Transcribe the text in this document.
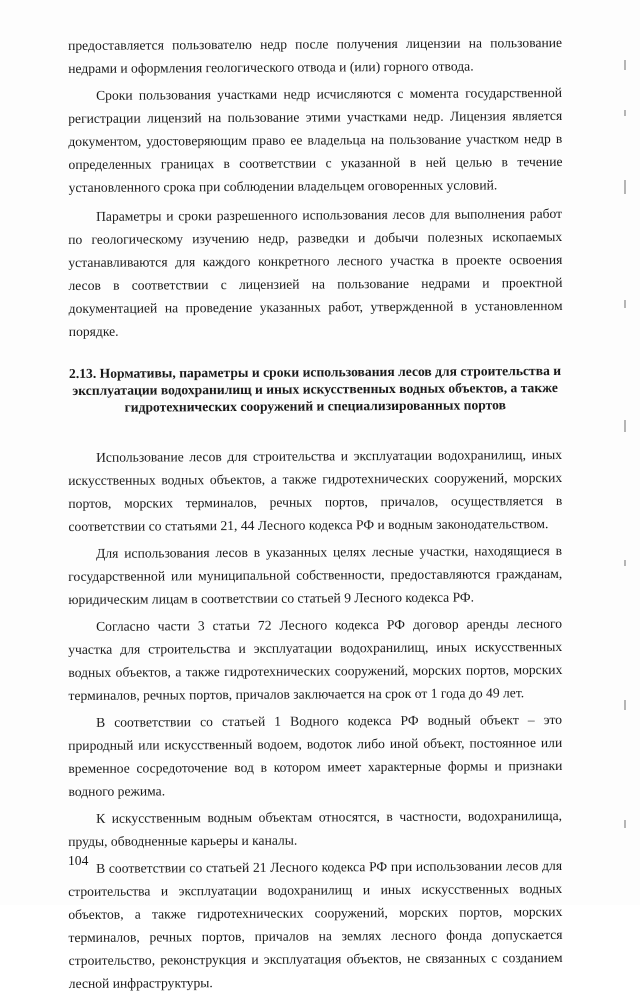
предоставляется пользователю недр после получения лицензии на пользование недрами и оформления геологического отвода и (или) горного отвода.

Сроки пользования участками недр исчисляются с момента государственной регистрации лицензий на пользование этими участками недр. Лицензия является документом, удостоверяющим право ее владельца на пользование участком недр в определенных границах в соответствии с указанной в ней целью в течение установленного срока при соблюдении владельцем оговоренных условий.

Параметры и сроки разрешенного использования лесов для выполнения работ по геологическому изучению недр, разведки и добычи полезных ископаемых устанавливаются для каждого конкретного лесного участка в проекте освоения лесов в соответствии с лицензией на пользование недрами и проектной документацией на проведение указанных работ, утвержденной в установленном порядке.

2.13. Нормативы, параметры и сроки использования лесов для строительства и эксплуатации водохранилищ и иных искусственных водных объектов, а также гидротехнических сооружений и специализированных портов

Использование лесов для строительства и эксплуатации водохранилищ, иных искусственных водных объектов, а также гидротехнических сооружений, морских портов, морских терминалов, речных портов, причалов, осуществляется в соответствии со статьями 21, 44 Лесного кодекса РФ и водным законодательством.

Для использования лесов в указанных целях лесные участки, находящиеся в государственной или муниципальной собственности, предоставляются гражданам, юридическим лицам в соответствии со статьей 9 Лесного кодекса РФ.

Согласно части 3 статьи 72 Лесного кодекса РФ договор аренды лесного участка для строительства и эксплуатации водохранилищ, иных искусственных водных объектов, а также гидротехнических сооружений, морских портов, морских терминалов, речных портов, причалов заключается на срок от 1 года до 49 лет.

В соответствии со статьей 1 Водного кодекса РФ водный объект – это природный или искусственный водоем, водоток либо иной объект, постоянное или временное сосредоточение вод в котором имеет характерные формы и признаки водного режима.

К искусственным водным объектам относятся, в частности, водохранилища, пруды, обводненные карьеры и каналы.

В соответствии со статьей 21 Лесного кодекса РФ при использовании лесов для строительства и эксплуатации водохранилищ и иных искусственных водных объектов, а также гидротехнических сооружений, морских портов, морских терминалов, речных портов, причалов на землях лесного фонда допускается строительство, реконструкция и эксплуатация объектов, не связанных с созданием лесной инфраструктуры.

104
